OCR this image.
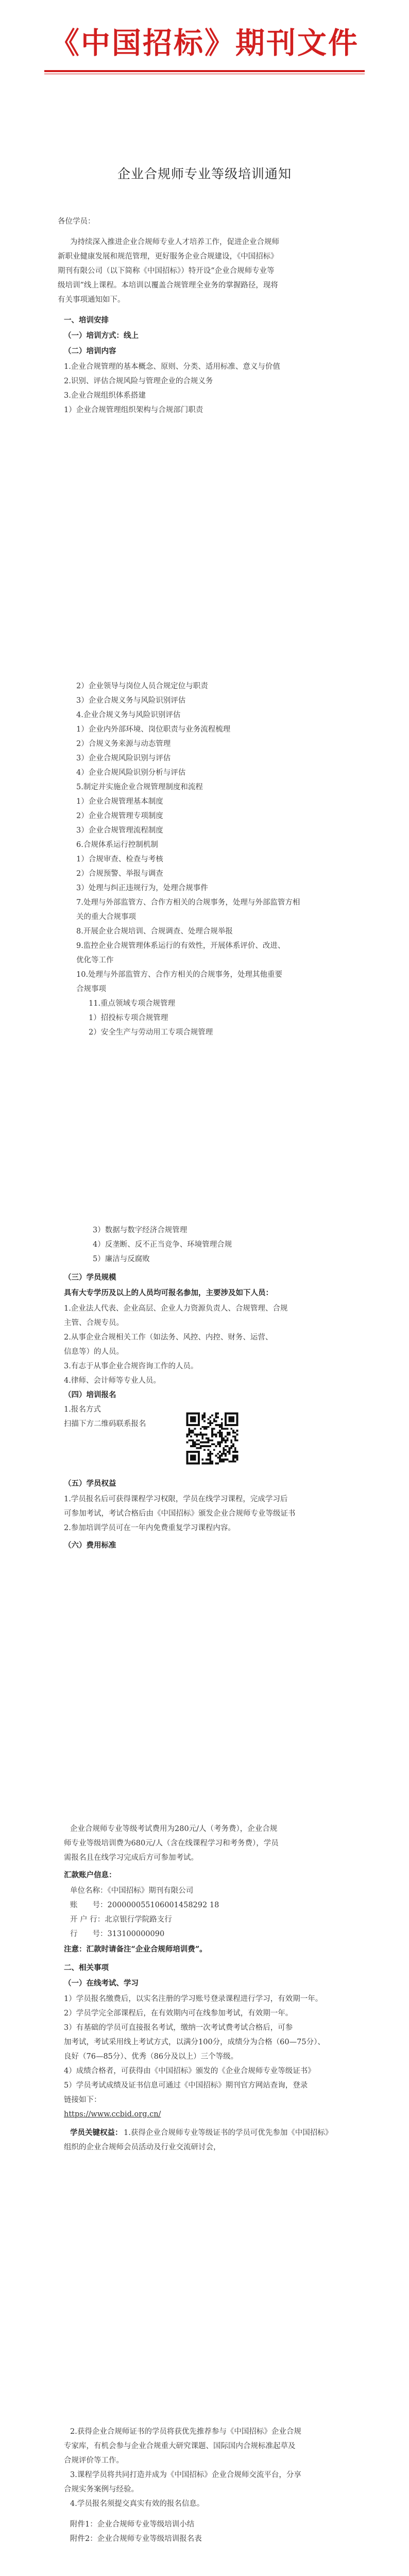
《中国招标》期刊文件
企业合规师专业等级培训通知
各位学员：
为持续深入推进企业合规师专业人才培养工作，促进企业合规师
新职业健康发展和规范管理，更好服务企业合规建设，《中国招标》
期刊有限公司（以下简称《中国招标》）特开设“企业合规师专业等
级培训”线上课程。本培训以覆盖合规管理全业务的掌握路径，现将
有关事项通知如下。
一、培训安排
（一）培训方式：线上
（二）培训内容
1.企业合规管理的基本概念、原则、分类、适用标准、意义与价值
2.识别、评估合规风险与管理企业的合规义务
3.企业合规组织体系搭建
1）企业合规管理组织架构与合规部门职责
2）企业领导与岗位人员合规定位与职责
3）企业合规义务与风险识别评估
4.企业合规义务与风险识别评估
1）企业内外部环境、岗位职责与业务流程梳理
2）合规义务来源与动态管理
3）企业合规风险识别与评估
4）企业合规风险识别分析与评估
5.制定并实施企业合规管理制度和流程
1）企业合规管理基本制度
2）企业合规管理专项制度
3）企业合规管理流程制度
6.合规体系运行控制机制
1）合规审查、检查与考核
2）合规预警、举报与调查
3）处理与纠正违规行为，处理合规事件
7.处理与外部监管方、合作方相关的合规事务，处理与外部监管方相
关的重大合规事项
8.开展企业合规培训、合规调查、处理合规举报
9.监控企业合规管理体系运行的有效性，开展体系评价、改进、
优化等工作
10.处理与外部监管方、合作方相关的合规事务，处理其他重要
合规事项
11.重点领域专项合规管理
1）招投标专项合规管理
2）安全生产与劳动用工专项合规管理
3）数据与数字经济合规管理
4）反垄断、反不正当竞争、环境管理合规
5）廉洁与反腐败
（三）学员规模
具有大专学历及以上的人员均可报名参加，主要涉及如下人员：
1.企业法人代表、企业高层、企业人力资源负责人、合规管理、合规
主管、合规专员。
2.从事企业合规相关工作（如法务、风控、内控、财务、运营、
信息等）的人员。
3.有志于从事企业合规咨询工作的人员。
4.律师、会计师等专业人员。
（四）培训报名
1.报名方式
扫描下方二维码联系报名
（五）学员权益
1.学员报名后可获得课程学习权限，学员在线学习课程，完成学习后
可参加考试，考试合格后由《中国招标》颁发企业合规师专业等级证书
2.参加培训学员可在一年内免费重复学习课程内容。
（六）费用标准
企业合规师专业等级考试费用为280元/人（考务费），企业合规
师专业等级培训费为680元/人（含在线课程学习和考务费），学员
需报名且在线学习完成后方可参加考试。
汇款账户信息：
单位名称：《中国招标》期刊有限公司
账　　号：200000055106001458292 18
开 户 行：北京银行学院路支行
行　　号：313100000090
注意：汇款时请备注“企业合规师培训费”。
二、相关事项
（一）在线考试、学习
1）学员报名缴费后，以实名注册的学习账号登录课程进行学习，有效期一年。
2）学员学完全部课程后，在有效期内可在线参加考试，有效期一年。
3）有基础的学员可直接报名考试，缴纳一次考试费考试合格后，可参
加考试，考试采用线上考试方式，以满分100分，成绩分为合格（60—75分）、
良好（76—85分）、优秀（86分及以上）三个等级。
4）成绩合格者，可获得由《中国招标》颁发的《企业合规师专业等级证书》
5）学员考试成绩及证书信息可通过《中国招标》期刊官方网站查询，登录
链接如下：
https://www.ccbid.org.cn/
学员关键权益： 1.获得企业合规师专业等级证书的学员可优先参加《中国招标》
组织的企业合规师会员活动及行业交流研讨会，
2.获得企业合规师证书的学员将获优先推荐参与《中国招标》企业合规
专家库，有机会参与企业合规重大研究课题、国际国内合规标准起草及
合规评价等工作。
3.课程学员将共同打造并成为《中国招标》企业合规师交流平台，分享
合规实务案例与经验。
4.学员报名须提交真实有效的报名信息。
附件1：企业合规师专业等级培训小结
附件2：企业合规师专业等级培训报名表
